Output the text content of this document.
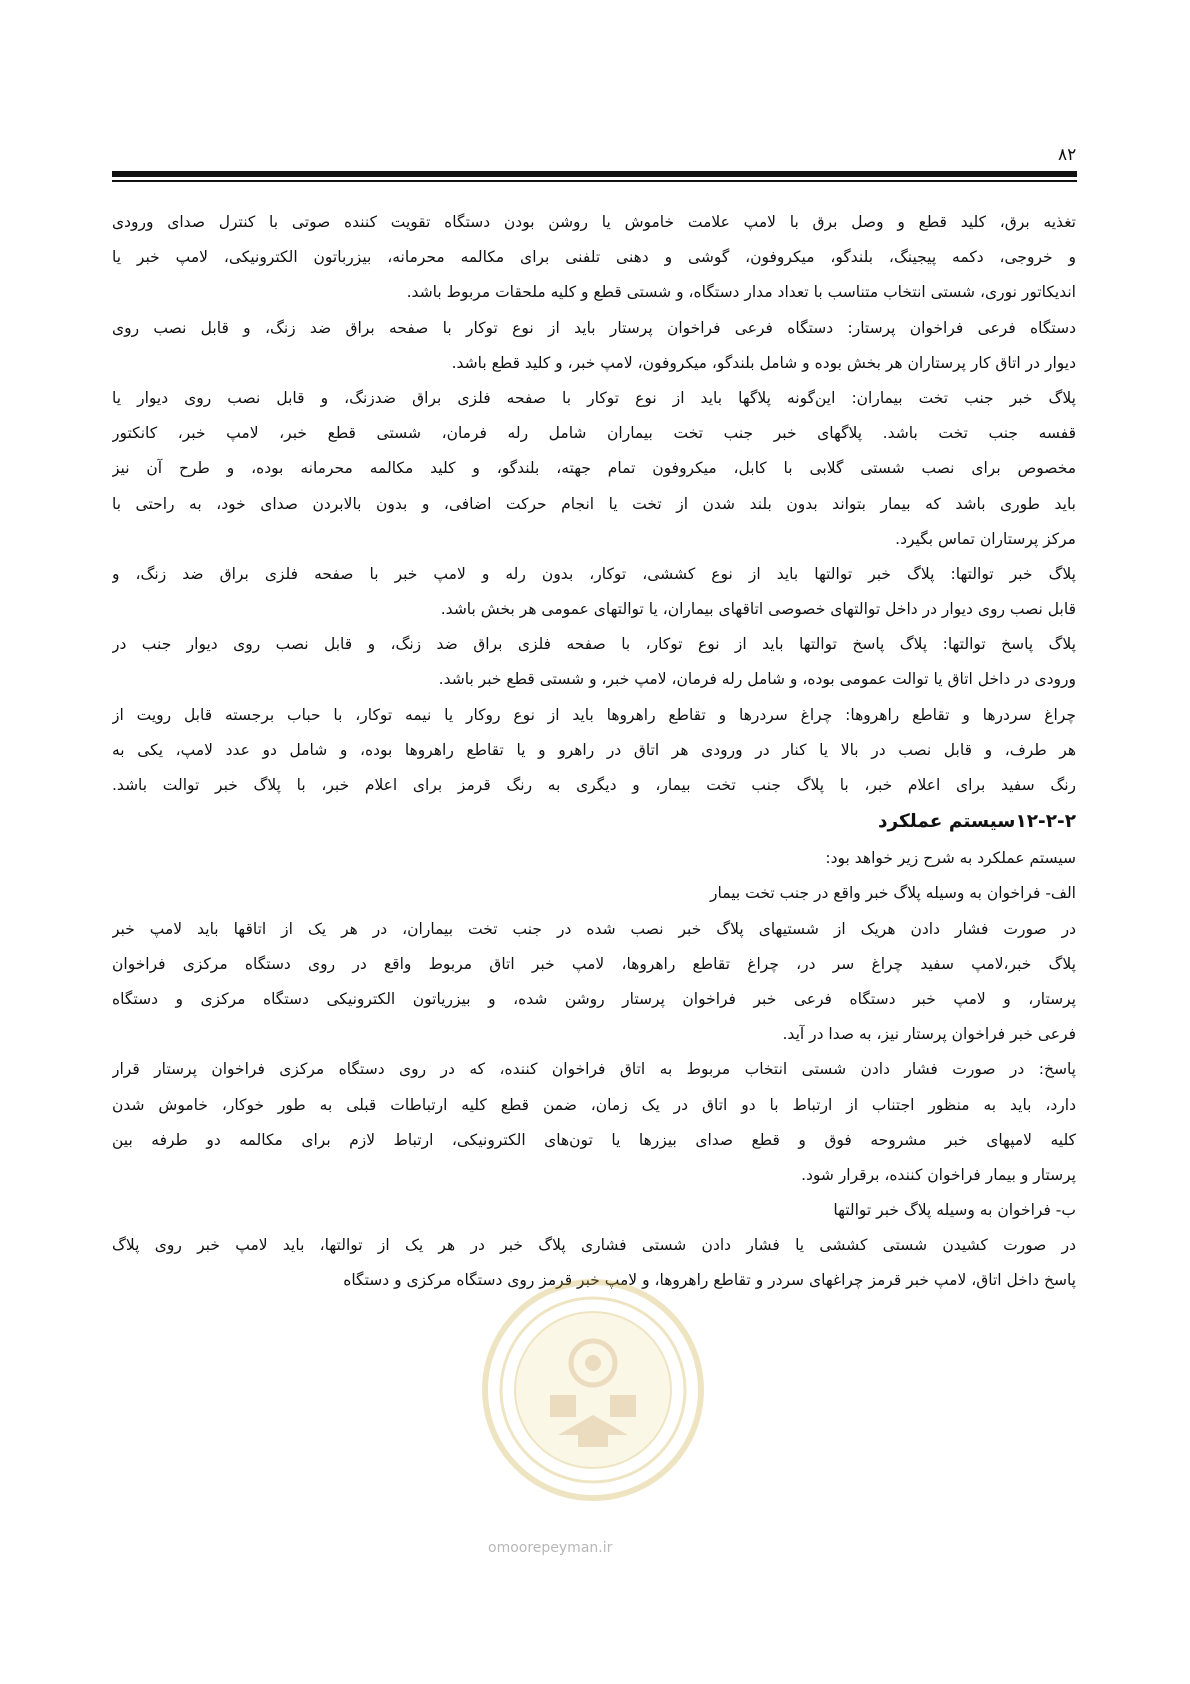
۸۲
تغذیه برق، کلید قطع و وصل برق با لامپ علامت خاموش یا روشن بودن دستگاه تقویت کننده صوتی با کنترل صدای ورودی
و خروجی، دکمه پیجینگ، بلندگو، میکروفون، گوشی و دهنی تلفنی برای مکالمه محرمانه، بیزرباتون الکترونیکی، لامپ خبر یا
اندیکاتور نوری، شستی انتخاب متناسب با تعداد مدار دستگاه، و شستی قطع و کلیه ملحقات مربوط باشد.
دستگاه فرعی فراخوان پرستار: دستگاه فرعی فراخوان پرستار باید از نوع توکار با صفحه براق ضد زنگ، و قابل نصب روی
دیوار در اتاق کار پرستاران هر بخش بوده و شامل بلندگو، میکروفون، لامپ خبر، و کلید قطع باشد.
پلاگ خبر جنب تخت بیماران: این‌گونه پلاگها باید از نوع توکار با صفحه فلزی براق ضدزنگ، و قابل نصب روی دیوار یا
قفسه جنب تخت باشد. پلاگهای خبر جنب تخت بیماران شامل رله فرمان، شستی قطع خبر، لامپ خبر، کانکتور
مخصوص برای نصب شستی گلابی با کابل، میکروفون تمام جهته، بلندگو، و کلید مکالمه محرمانه بوده، و طرح آن نیز
باید طوری باشد که بیمار بتواند بدون بلند شدن از تخت یا انجام حرکت اضافی، و بدون بالابردن صدای خود، به راحتی با
مرکز پرستاران تماس بگیرد.
پلاگ خبر توالتها: پلاگ خبر توالتها باید از نوع کششی، توکار، بدون رله و لامپ خبر با صفحه فلزی براق ضد زنگ، و
قابل نصب روی دیوار در داخل توالتهای خصوصی اتاقهای بیماران، یا توالتهای عمومی هر بخش باشد.
پلاگ پاسخ توالتها: پلاگ پاسخ توالتها باید از نوع توکار، با صفحه فلزی براق ضد زنگ، و قابل نصب روی دیوار جنب در
ورودی در داخل اتاق یا توالت عمومی بوده، و شامل رله فرمان، لامپ خبر، و شستی قطع خبر باشد.
چراغ سردرها و تقاطع راهروها: چراغ سردرها و تقاطع راهروها باید از نوع روکار یا نیمه توکار، با حباب برجسته قابل رویت از
هر طرف، و قابل نصب در بالا یا کنار در ورودی هر اتاق در راهرو و یا تقاطع راهروها بوده، و شامل دو عدد لامپ، یکی به
رنگ سفید برای اعلام خبر، با پلاگ جنب تخت بیمار، و دیگری به رنگ قرمز برای اعلام خبر، با پلاگ خبر توالت باشد.
۱۲-۲-۲سیستم عملکرد
سیستم عملکرد به شرح زیر خواهد بود:
الف- فراخوان به وسیله پلاگ خبر واقع در جنب تخت بیمار
در صورت فشار دادن هریک از شستیهای پلاگ خبر نصب شده در جنب تخت بیماران، در هر یک از اتاقها باید لامپ خبر
پلاگ خبر،لامپ سفید چراغ سر در، چراغ تقاطع راهروها، لامپ خبر اتاق مربوط واقع در روی دستگاه مرکزی فراخوان
پرستار، و لامپ خبر دستگاه فرعی خبر فراخوان پرستار روشن شده، و بیزریاتون الکترونیکی دستگاه مرکزی و دستگاه
فرعی خبر فراخوان پرستار نیز، به صدا در آید.
پاسخ: در صورت فشار دادن شستی انتخاب مربوط به اتاق فراخوان کننده، که در روی دستگاه مرکزی فراخوان پرستار قرار
دارد، باید به منظور اجتناب از ارتباط با دو اتاق در یک زمان، ضمن قطع کلیه ارتباطات قبلی به طور خوکار، خاموش شدن
کلیه لامپهای خبر مشروحه فوق و قطع صدای بیزرها یا تون‌های الکترونیکی، ارتباط لازم برای مکالمه دو طرفه بین
پرستار و بیمار فراخوان کننده، برقرار شود.
ب- فراخوان به وسیله پلاگ خبر توالتها
در صورت کشیدن شستی کششی یا فشار دادن شستی فشاری پلاگ خبر در هر یک از توالتها، باید لامپ خبر روی پلاگ
پاسخ داخل اتاق، لامپ خبر قرمز چراغهای سردر و تقاطع راهروها، و لامپ خبر قرمز روی دستگاه مرکزی و دستگاه
omoorepeyman.ir
